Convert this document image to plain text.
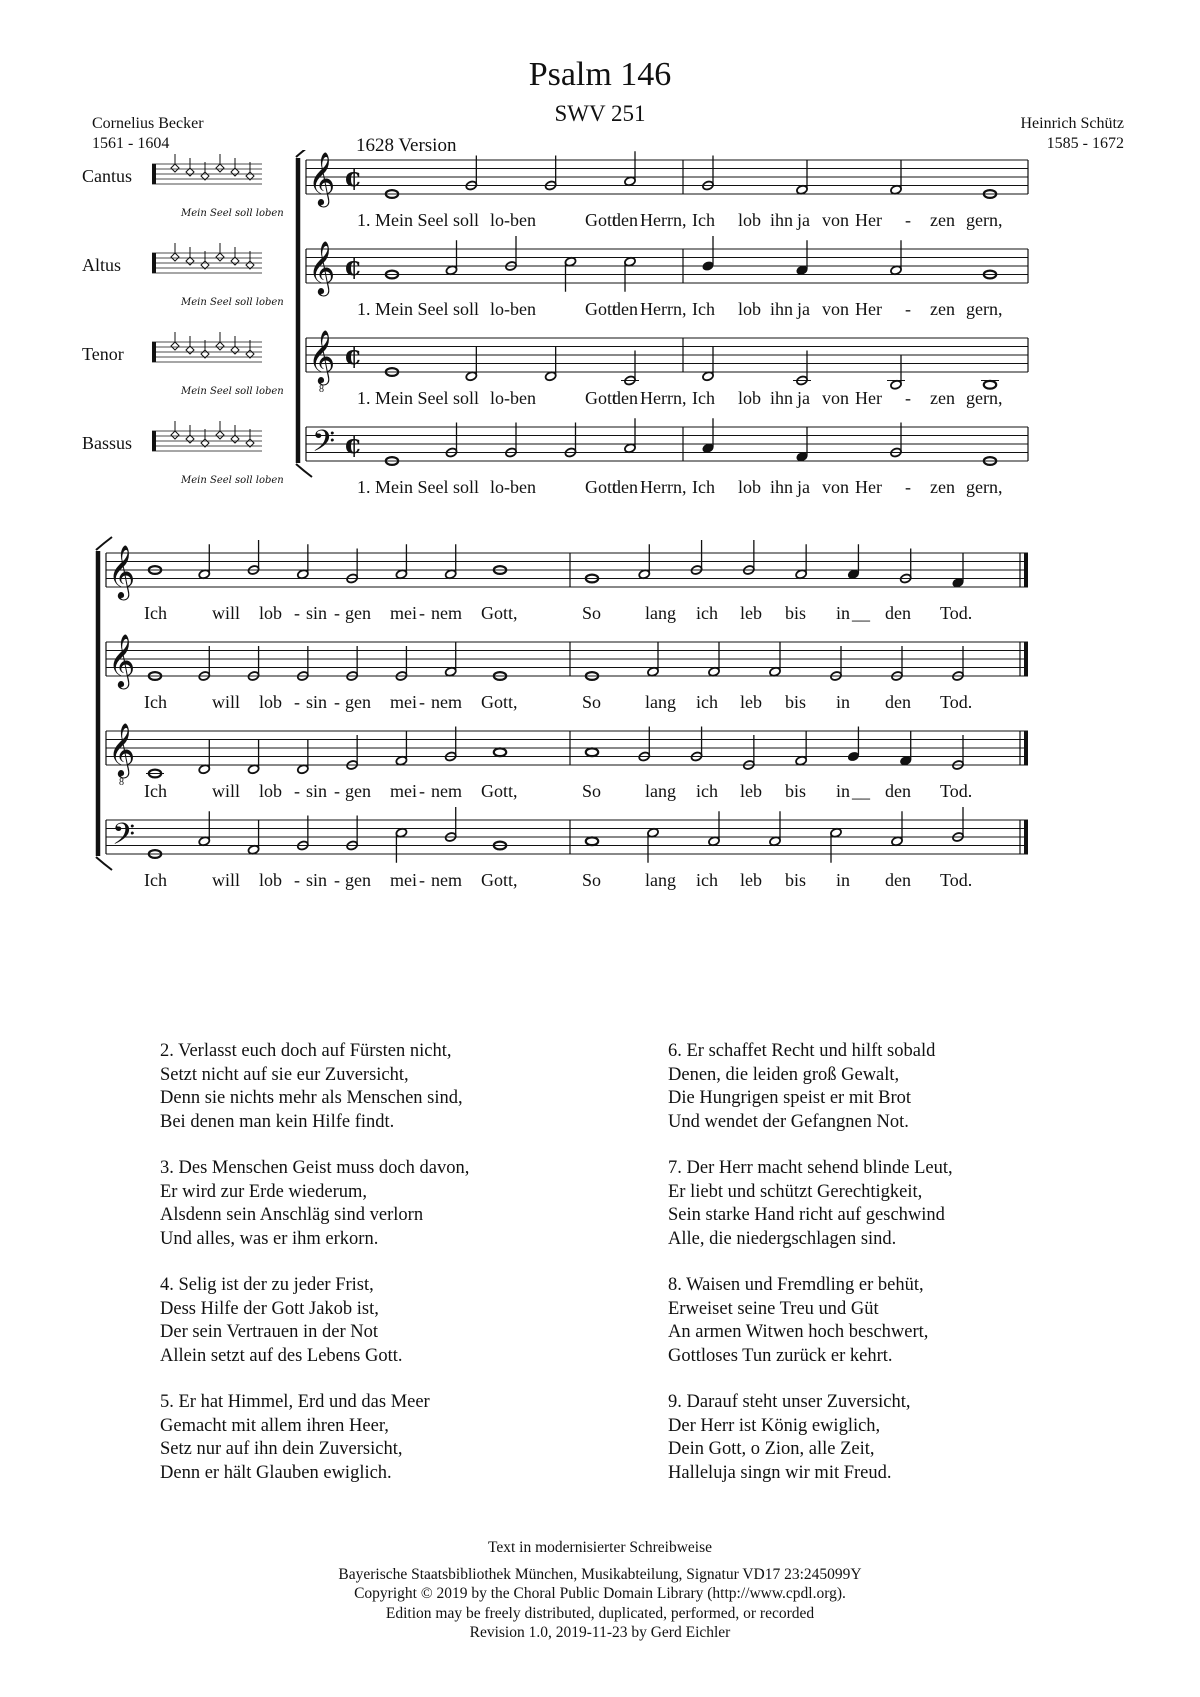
Psalm 146
SWV 251
Cornelius Becker
1561 - 1604
Heinrich Schütz
1585 - 1672
1628 Version
Cantus
Mein Seel soll loben
Altus
Mein Seel soll loben
Tenor
Mein Seel soll loben
Bassus
Mein Seel soll loben
𝄞 ¢
1. Mein Seel soll lo-ben	Gott
den Herrn, Ich lob ihn ja von Her - zen gern,
𝄞 ¢
1. Mein Seel soll lo-ben	Gott
den Herrn, Ich lob ihn ja von Her - zen gern,
𝄞
8
¢
1. Mein Seel soll lo-ben	Gott
den Herrn, Ich lob ihn ja von Her - zen gern,
𝄢 ¢
1. Mein Seel soll lo-ben	Gott
den Herrn, Ich lob ihn ja von Her - zen gern,
𝄞
Ich	will lob - sin - gen mei - nem Gott,	So lang ich leb bis in __ den Tod.
𝄞
Ich	will lob - sin - gen mei - nem Gott,	So lang ich leb bis in den Tod.
𝄞
8 Ich	will lob - sin - gen mei - nem Gott,	So lang ich leb bis in __ den Tod.
𝄢
Ich	will lob - sin - gen mei - nem Gott,	So lang ich leb bis in den Tod.
2. Verlasst euch doch auf Fürsten nicht,
Setzt nicht auf sie eur Zuversicht,
Denn sie nichts mehr als Menschen sind,
Bei denen man kein Hilfe findt.
3. Des Menschen Geist muss doch davon,
Er wird zur Erde wiederum,
Alsdenn sein Anschläg sind verlorn
Und alles, was er ihm erkorn.
4. Selig ist der zu jeder Frist,
Dess Hilfe der Gott Jakob ist,
Der sein Vertrauen in der Not
Allein setzt auf des Lebens Gott.
5. Er hat Himmel, Erd und das Meer
Gemacht mit allem ihren Heer,
Setz nur auf ihn dein Zuversicht,
Denn er hält Glauben ewiglich.
6. Er schaffet Recht und hilft sobald
Denen, die leiden groß Gewalt,
Die Hungrigen speist er mit Brot
Und wendet der Gefangnen Not.
7. Der Herr macht sehend blinde Leut,
Er liebt und schützt Gerechtigkeit,
Sein starke Hand richt auf geschwind
Alle, die niedergschlagen sind.
8. Waisen und Fremdling er behüt,
Erweiset seine Treu und Güt
An armen Witwen hoch beschwert,
Gottloses Tun zurück er kehrt.
9. Darauf steht unser Zuversicht,
Der Herr ist König ewiglich,
Dein Gott, o Zion, alle Zeit,
Halleluja singn wir mit Freud.
Text in modernisierter Schreibweise
Bayerische Staatsbibliothek München, Musikabteilung, Signatur VD17 23:245099Y
Copyright © 2019 by the Choral Public Domain Library (http://www.cpdl.org).
Edition may be freely distributed, duplicated, performed, or recorded
Revision 1.0, 2019-11-23 by Gerd Eichler
